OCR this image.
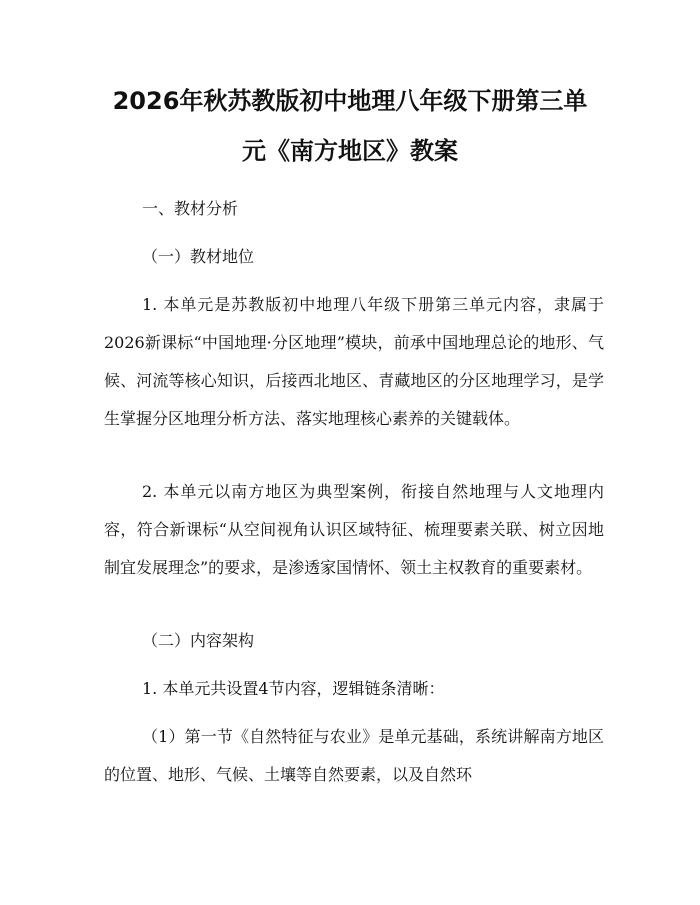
2026年秋苏教版初中地理八年级下册第三单
元《南方地区》教案

一、教材分析

（一）教材地位

1. 本单元是苏教版初中地理八年级下册第三单元内容，隶属于2026新课标“中国地理·分区地理”模块，前承中国地理总论的地形、气候、河流等核心知识，后接西北地区、青藏地区的分区地理学习，是学生掌握分区地理分析方法、落实地理核心素养的关键载体。

2. 本单元以南方地区为典型案例，衔接自然地理与人文地理内容，符合新课标“从空间视角认识区域特征、梳理要素关联、树立因地制宜发展理念”的要求，是渗透家国情怀、领土主权教育的重要素材。

（二）内容架构

1. 本单元共设置4节内容，逻辑链条清晰：

（1）第一节《自然特征与农业》是单元基础，系统讲解南方地区的位置、地形、气候、土壤等自然要素，以及自然环
